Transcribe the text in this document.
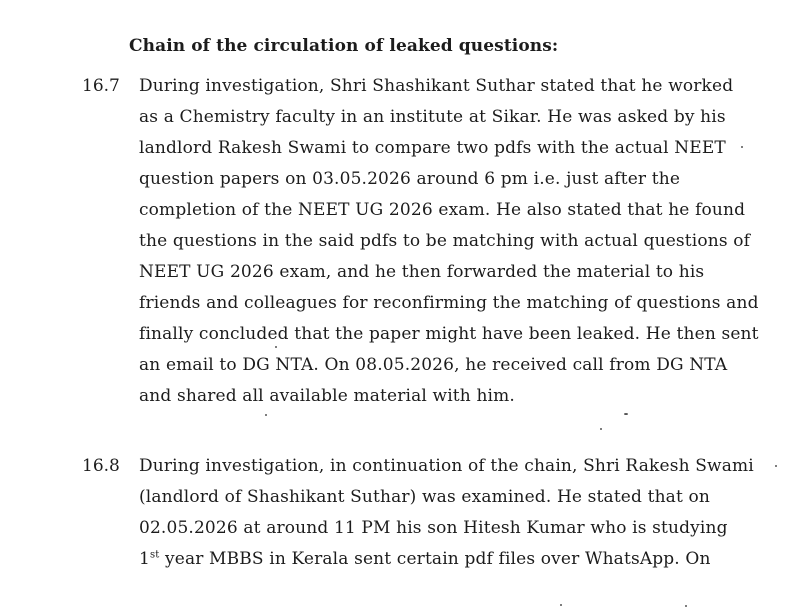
Chain of the circulation of leaked questions:
16.7 During investigation, Shri Shashikant Suthar stated that he worked
as a Chemistry faculty in an institute at Sikar. He was asked by his
landlord Rakesh Swami to compare two pdfs with the actual NEET
question papers on 03.05.2026 around 6 pm i.e. just after the
completion of the NEET UG 2026 exam. He also stated that he found
the questions in the said pdfs to be matching with actual questions of
NEET UG 2026 exam, and he then forwarded the material to his
friends and colleagues for reconfirming the matching of questions and
finally concluded that the paper might have been leaked. He then sent
an email to DG NTA. On 08.05.2026, he received call from DG NTA
and shared all available material with him.
16.8 During investigation, in continuation of the chain, Shri Rakesh Swami
(landlord of Shashikant Suthar) was examined. He stated that on
02.05.2026 at around 11 PM his son Hitesh Kumar who is studying
1st year MBBS in Kerala sent certain pdf files over WhatsApp. On
